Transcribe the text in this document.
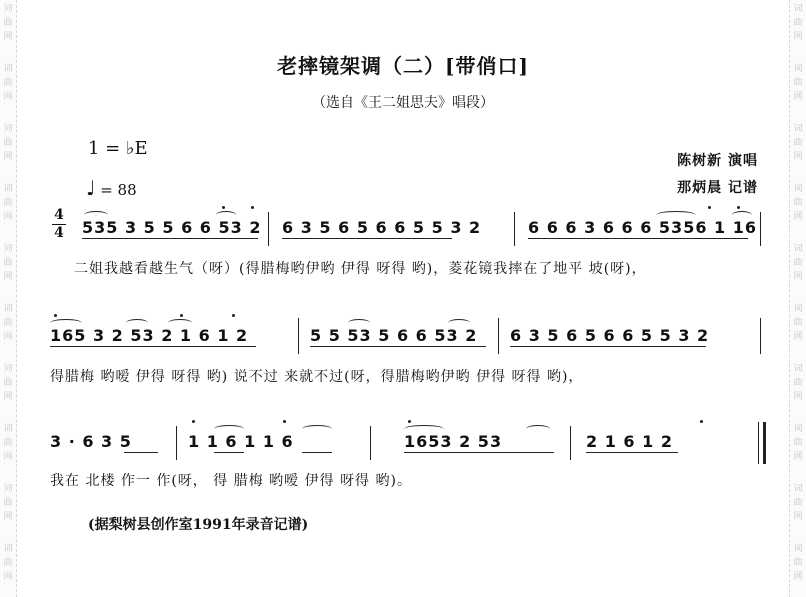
词
曲
网
词
曲
网
词
曲
网
词
曲
网
词
曲
网
词
曲
网
词
曲
网
词
曲
网
词
曲
网
词
曲
网
词
曲
网
词
曲
网
词
曲
网
词
曲
网
词
曲
网
词
曲
网
词
曲
网
词
曲
网
词
曲
网
词
曲
网
老摔镜架调（二）[带俏口]
（选自《王二姐思夫》唱段）
1 = ♭E
♩ = 88
陈树新 演唱
那炳晨 记谱
4
4 535 3 5 5 6 6 53 2 6 3 5 6 5 6 6 5 5 3 2	6 6 6 3 6 6 6 5356 1 16
二姐我越看越生气（呀）(得腊梅哟伊哟 伊得 呀得 哟)，菱花镜我摔在了地平 坡(呀)，
165 3 2 53 2 1 6 1 2	5 5 53 5 6 6 53 2 6 3 5 6 5 6 6 5 5 3 2
得腊梅 哟嗳 伊得 呀得 哟) 说不过 来就不过(呀，得腊梅哟伊哟 伊得 呀得 哟)，
3 · 6 3 5	1 1 6 1 1 6	1653 2 53	2 1 6 1 2
我在 北楼 作一 作(呀， 得 腊梅 哟嗳 伊得 呀得 哟)。
(据梨树县创作室1991年录音记谱)
